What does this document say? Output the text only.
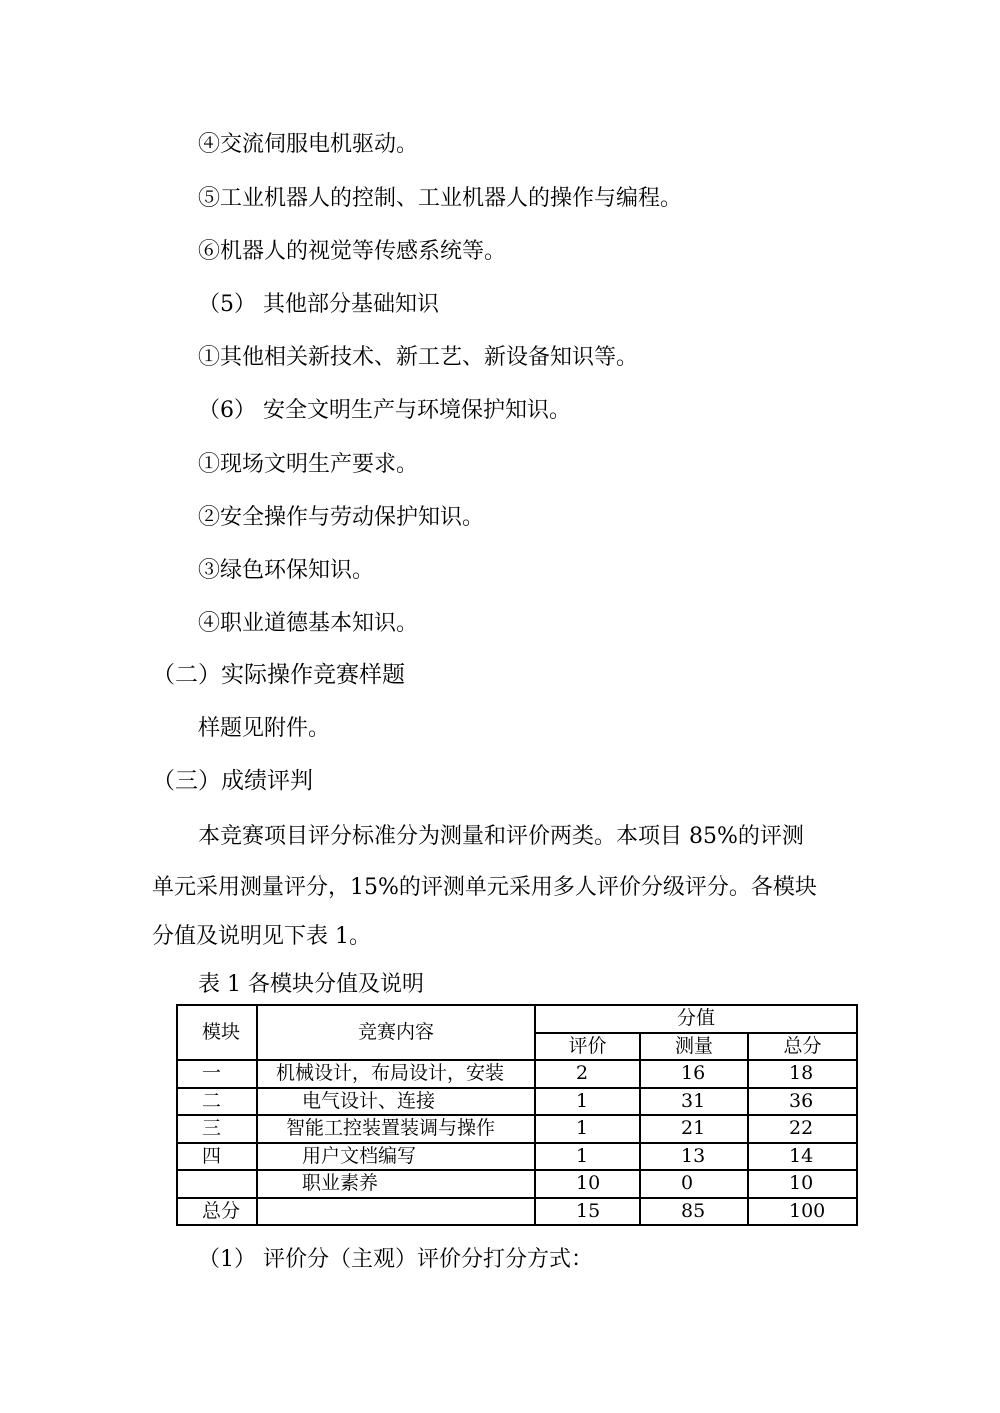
④交流伺服电机驱动。
⑤工业机器人的控制、工业机器人的操作与编程。
⑥机器人的视觉等传感系统等。
（5） 其他部分基础知识
①其他相关新技术、新工艺、新设备知识等。
（6） 安全文明生产与环境保护知识。
①现场文明生产要求。
②安全操作与劳动保护知识。
③绿色环保知识。
④职业道德基本知识。
（二）实际操作竞赛样题
样题见附件。
（三）成绩评判
本竞赛项目评分标准分为测量和评价两类。本项目 85%的评测
单元采用测量评分，15%的评测单元采用多人评价分级评分。各模块
分值及说明见下表 1。
表 1 各模块分值及说明
模块	竞赛内容	分值		
		评价	测量	总分
一	机械设计，布局设计，安装	2	16	18
二	电气设计、连接	1	31	36
三	智能工控装置装调与操作	1	21	22
四	用户文档编写	1	13	14
	职业素养	10	0	10
总分		15	85	100
（1） 评价分（主观）评价分打分方式：
